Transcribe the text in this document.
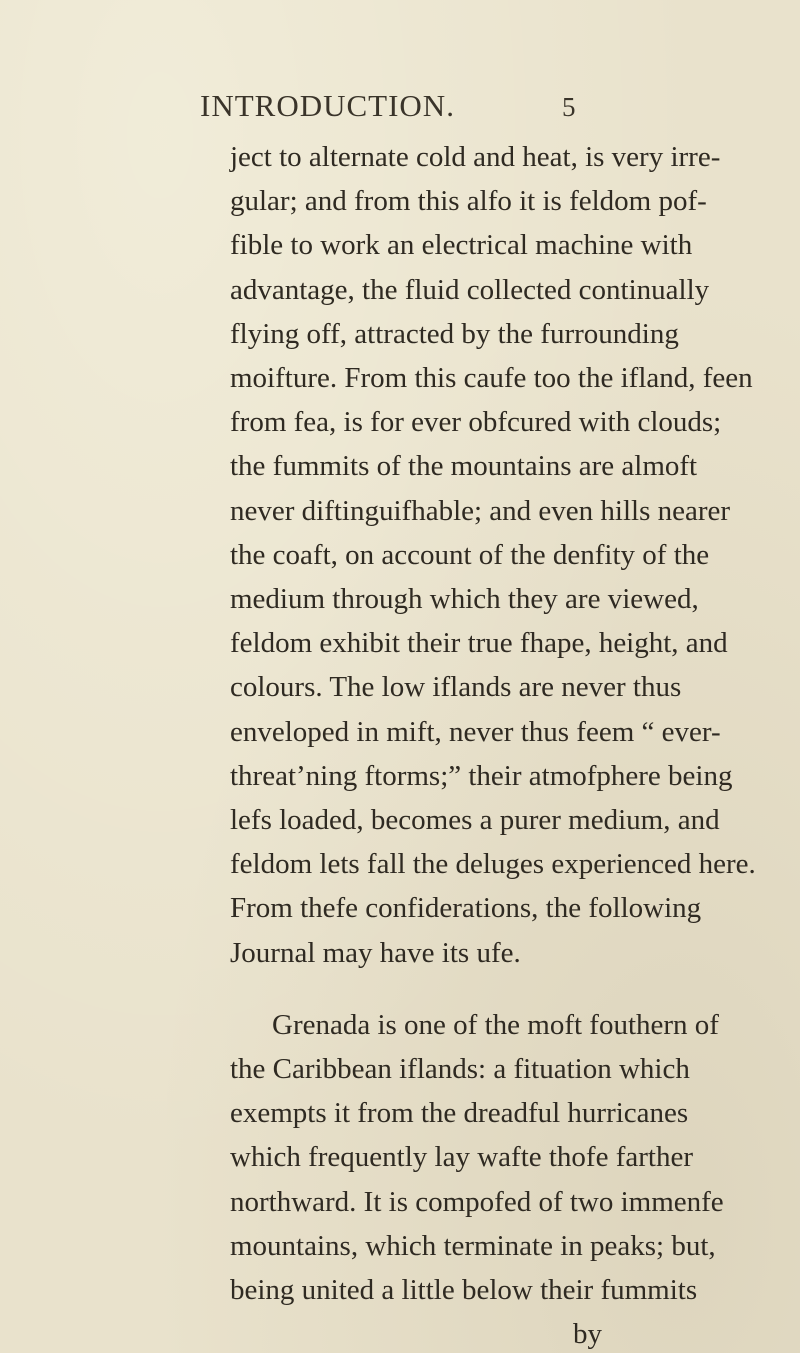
INTRODUCTION.	5
ject to alternate cold and heat, is very irre-
gular; and from this alfo it is feldom pof-
fible to work an electrical machine with
advantage, the fluid collected continually
flying off, attracted by the furrounding
moifture. From this caufe too the ifland, feen
from fea, is for ever obfcured with clouds;
the fummits of the mountains are almoft
never diftinguifhable; and even hills nearer
the coaft, on account of the denfity of the
medium through which they are viewed,
feldom exhibit their true fhape, height, and
colours. The low iflands are never thus
enveloped in mift, never thus feem “ ever-
threat’ning ftorms;” their atmofphere being
lefs loaded, becomes a purer medium, and
feldom lets fall the deluges experienced here.
From thefe confiderations, the following
Journal may have its ufe.
Grenada is one of the moft fouthern of
the Caribbean iflands: a fituation which
exempts it from the dreadful hurricanes
which frequently lay wafte thofe farther
northward. It is compofed of two immenfe
mountains, which terminate in peaks; but,
being united a little below their fummits
by
